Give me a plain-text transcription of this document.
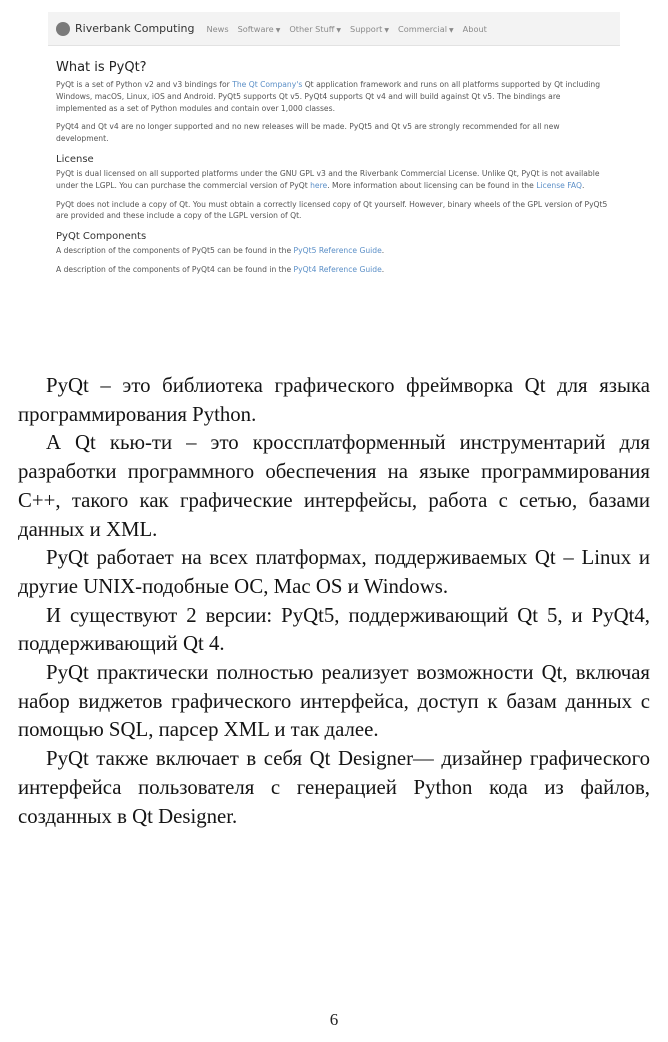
Riverbank Computing News Software ▼ Other Stuff ▼ Support ▼ Commercial ▼ About
What is PyQt?

PyQt is a set of Python v2 and v3 bindings for The Qt Company's Qt application framework and runs on all platforms supported by Qt including Windows, macOS, Linux, iOS and Android. PyQt5 supports Qt v5. PyQt4 supports Qt v4 and will build against Qt v5. The bindings are implemented as a set of Python modules and contain over 1,000 classes.

PyQt4 and Qt v4 are no longer supported and no new releases will be made. PyQt5 and Qt v5 are strongly recommended for all new development.

License

PyQt is dual licensed on all supported platforms under the GNU GPL v3 and the Riverbank Commercial License. Unlike Qt, PyQt is not available under the LGPL. You can purchase the commercial version of PyQt here. More information about licensing can be found in the License FAQ.

PyQt does not include a copy of Qt. You must obtain a correctly licensed copy of Qt yourself. However, binary wheels of the GPL version of PyQt5 are provided and these include a copy of the LGPL version of Qt.

PyQt Components

A description of the components of PyQt5 can be found in the PyQt5 Reference Guide.

A description of the components of PyQt4 can be found in the PyQt4 Reference Guide.

PyQt – это библиотека графического фреймворка Qt для языка программирования Python.

А Qt кью-ти – это кроссплатформенный инструментарий для разработки программного обеспечения на языке программирования C++, такого как графические интерфейсы, работа с сетью, базами данных и XML.

PyQt работает на всех платформах, поддерживаемых Qt – Linux и другие UNIX-подобные ОС, Mac OS и Windows.

И существуют 2 версии: PyQt5, поддерживающий Qt 5, и PyQt4, поддерживающий Qt 4.

PyQt практически полностью реализует возможности Qt, включая набор виджетов графического интерфейса, доступ к базам данных с помощью SQL, парсер XML и так далее.

PyQt также включает в себя Qt Designer— дизайнер графического интерфейса пользователя с генерацией Python кода из файлов, созданных в Qt Designer.

6
